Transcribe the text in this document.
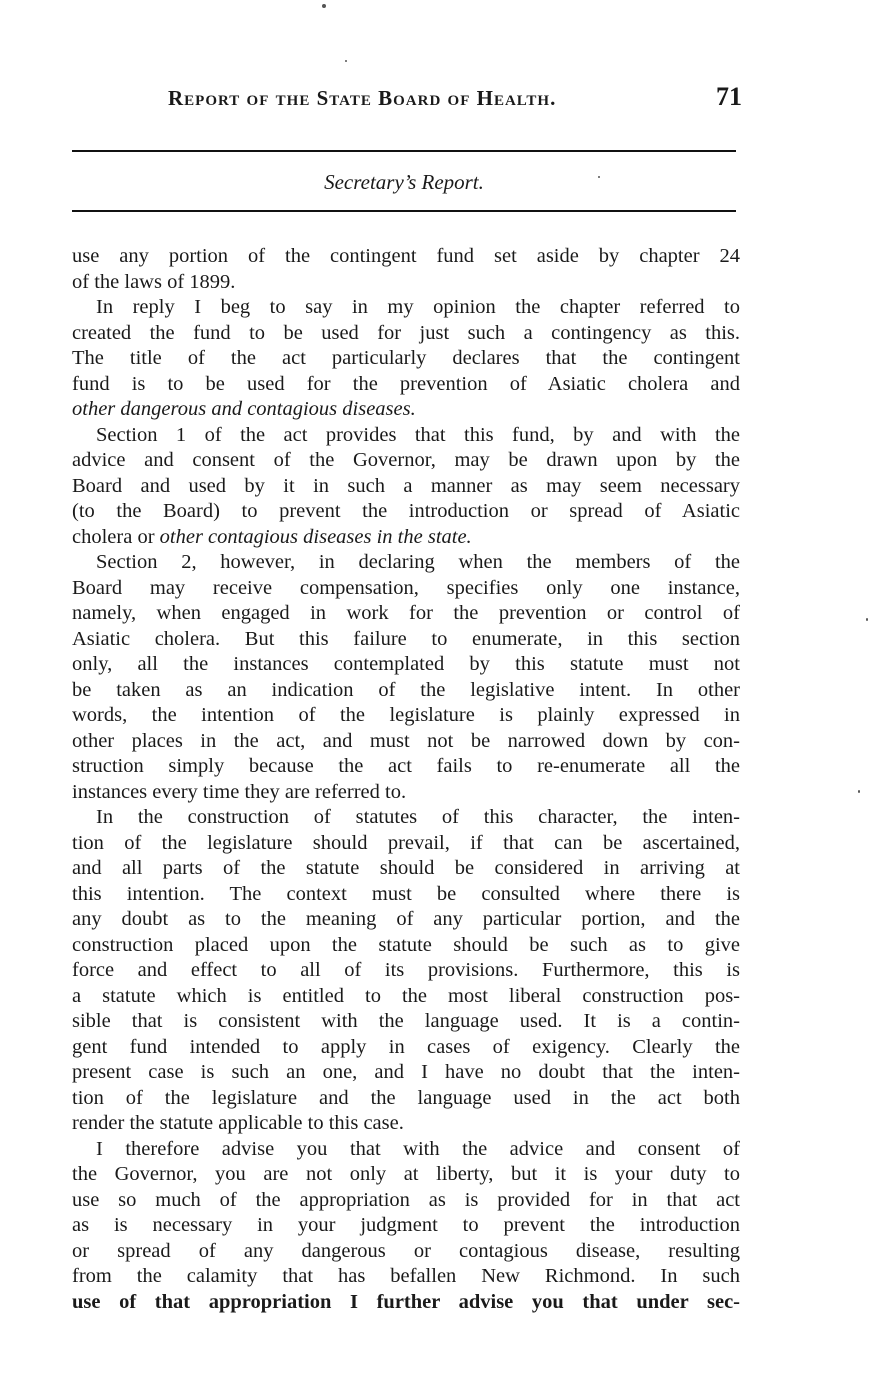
Report of the State Board of Health.	71
Secretary’s Report.
use any portion of the contingent fund set aside by chapter 24
of the laws of 1899.
In reply I beg to say in my opinion the chapter referred to
created the fund to be used for just such a contingency as this.
The title of the act particularly declares that the contingent
fund is to be used for the prevention of Asiatic cholera and
other dangerous and contagious diseases.
Section 1 of the act provides that this fund, by and with the
advice and consent of the Governor, may be drawn upon by the
Board and used by it in such a manner as may seem necessary
(to the Board) to prevent the introduction or spread of Asiatic
cholera or other contagious diseases in the state.
Section 2, however, in declaring when the members of the
Board may receive compensation, specifies only one instance,
namely, when engaged in work for the prevention or control of
Asiatic cholera. But this failure to enumerate, in this section
only, all the instances contemplated by this statute must not
be taken as an indication of the legislative intent. In other
words, the intention of the legislature is plainly expressed in
other places in the act, and must not be narrowed down by con-
struction simply because the act fails to re-enumerate all the
instances every time they are referred to.
In the construction of statutes of this character, the inten-
tion of the legislature should prevail, if that can be ascertained,
and all parts of the statute should be considered in arriving at
this intention. The context must be consulted where there is
any doubt as to the meaning of any particular portion, and the
construction placed upon the statute should be such as to give
force and effect to all of its provisions. Furthermore, this is
a statute which is entitled to the most liberal construction pos-
sible that is consistent with the language used. It is a contin-
gent fund intended to apply in cases of exigency. Clearly the
present case is such an one, and I have no doubt that the inten-
tion of the legislature and the language used in the act both
render the statute applicable to this case.
I therefore advise you that with the advice and consent of
the Governor, you are not only at liberty, but it is your duty to
use so much of the appropriation as is provided for in that act
as is necessary in your judgment to prevent the introduction
or spread of any dangerous or contagious disease, resulting
from the calamity that has befallen New Richmond. In such
use of that appropriation I further advise you that under sec-
